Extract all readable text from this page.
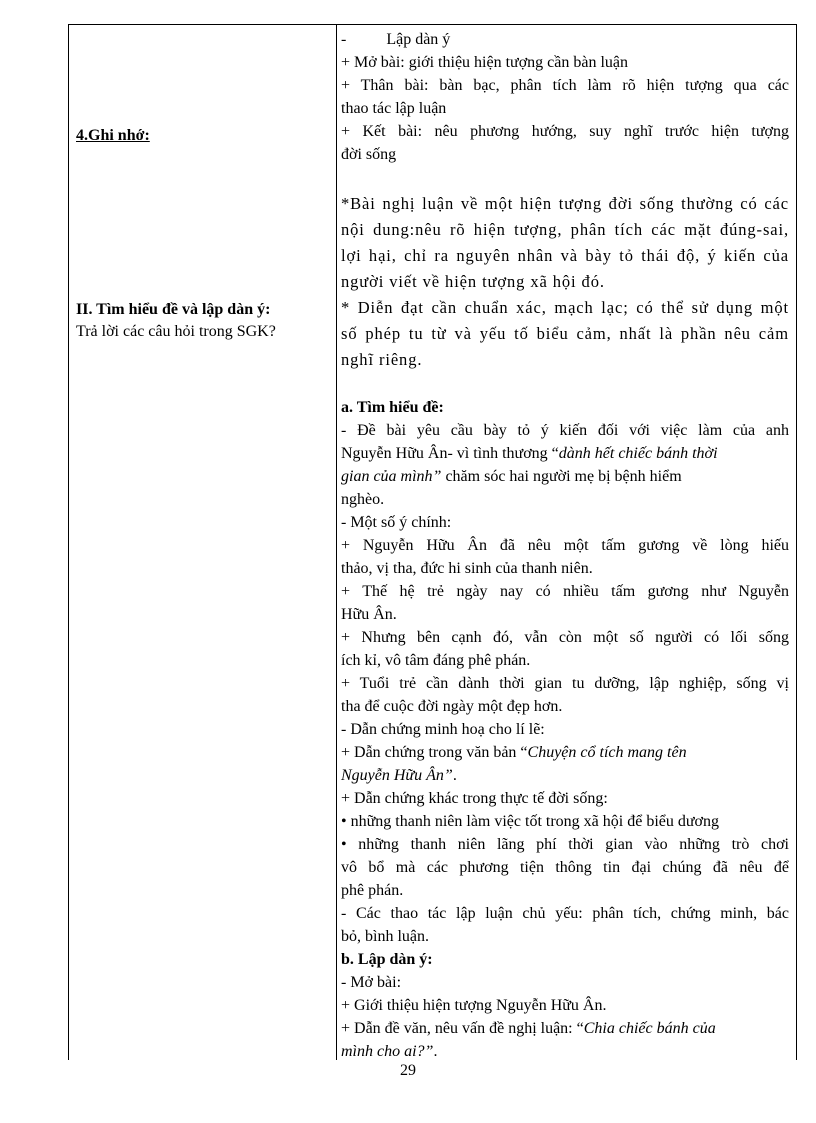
4.Ghi nhớ:
II. Tìm hiểu đề và lập dàn ý:
Trả lời các câu hỏi trong SGK?
-          Lập dàn ý
+ Mở bài: giới thiệu hiện tượng cần bàn luận
+ Thân bài: bàn bạc, phân tích làm rõ hiện tượng qua các
thao tác lập luận
+ Kết bài: nêu phương hướng, suy nghĩ trước hiện tượng
đời sống
*Bài nghị luận về một hiện tượng đời sống thường có các
nội dung:nêu rõ hiện tượng, phân tích các mặt đúng-sai,
lợi hại, chỉ ra nguyên nhân và bày tỏ thái độ, ý kiến của
người viết về hiện tượng xã hội đó.
* Diễn đạt cần chuẩn xác, mạch lạc; có thể sử dụng một
số phép tu từ và yếu tố biểu cảm, nhất là phần nêu cảm
nghĩ riêng.
a. Tìm hiểu đề:
- Đề bài yêu cầu bày tỏ ý kiến đối với việc làm của anh
Nguyễn Hữu Ân- vì tình thương “dành hết chiếc bánh thời
gian của mình” chăm sóc hai người mẹ bị bệnh hiểm
nghèo.
- Một số ý chính:
+ Nguyễn Hữu Ân đã nêu một tấm gương về lòng hiếu
thảo, vị tha, đức hi sinh của thanh niên.
+ Thế hệ trẻ ngày nay có nhiều tấm gương như Nguyễn
Hữu Ân.
+ Nhưng bên cạnh đó, vẫn còn một số người có lối sống
ích kỉ, vô tâm đáng phê phán.
+ Tuổi trẻ cần dành thời gian tu dưỡng, lập nghiệp, sống vị
tha để cuộc đời ngày một đẹp hơn.
- Dẫn chứng minh hoạ cho lí lẽ:
+ Dẫn chứng trong văn bản “Chuyện cổ tích mang tên
Nguyễn Hữu Ân”.
+ Dẫn chứng khác trong thực tế đời sống:
• những thanh niên làm việc tốt trong xã hội để biểu dương
• những thanh niên lãng phí thời gian vào những trò chơi
vô bổ mà các phương tiện thông tin đại chúng đã nêu để
phê phán.
- Các thao tác lập luận chủ yếu: phân tích, chứng minh, bác
bỏ, bình luận.
b. Lập dàn ý:
- Mở bài:
+ Giới thiệu hiện tượng Nguyễn Hữu Ân.
+ Dẫn đề văn, nêu vấn đề nghị luận: “Chia chiếc bánh của
mình cho ai?”.
29
